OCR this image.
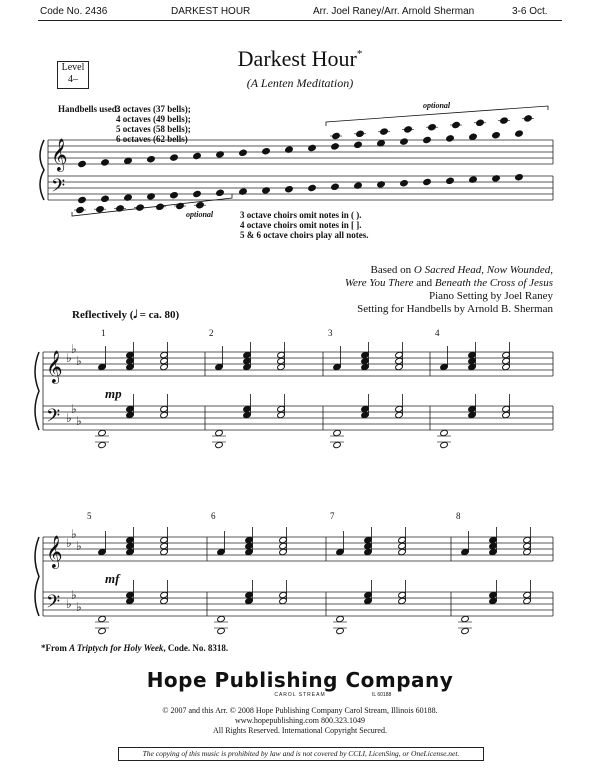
Code No. 2436	DARKEST HOUR	Arr. Joel Raney/Arr. Arnold Sherman	3-6 Oct.
Level
4–
Darkest Hour*
(A Lenten Meditation)
Handbells used:
3 octaves (37 bells);
4 octaves (49 bells);
5 octaves (58 bells);
6 octaves (62 bells)
optional
optional	3 octave choirs omit notes in ( ).
4 octave choirs omit notes in [ ].
5 & 6 octave choirs play all notes.
Based on O Sacred Head, Now Wounded,
Were You There and Beneath the Cross of Jesus
Piano Setting by Joel Raney
Setting for Handbells by Arnold B. Sherman
Reflectively (𝅗𝅥 = ca. 80)
𝄞
𝄢
𝄞
𝄢
♭
♭
♭
♭
♭
♭
𝄞
𝄢
♭
♭
♭
♭
♭
♭
mp
mf
1	2	3	4
5	6	7	8
*From A Triptych for Holy Week, Code. No. 8318.
Hope Publishing Company
CAROL STREAM	IL 60188
© 2007 and this Arr. © 2008 Hope Publishing Company Carol Stream, Illinois 60188.
www.hopepublishing.com 800.323.1049
All Rights Reserved. International Copyright Secured.
The copying of this music is prohibited by law and is not covered by CCLI, LicenSing, or OneLicense.net.
